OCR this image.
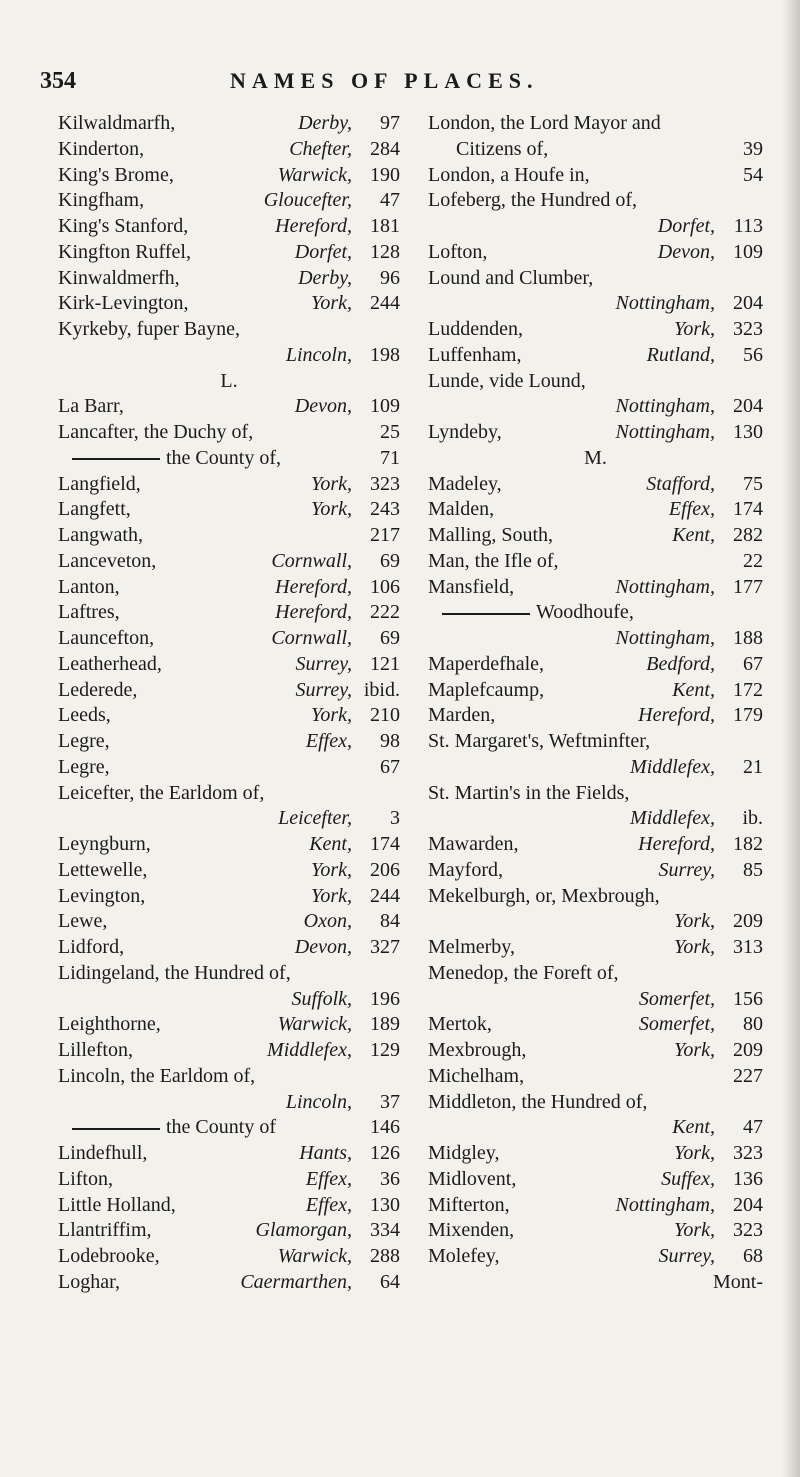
354	NAMES OF PLACES.
Kilwaldmarfh,	Derby, 97
Kinderton,	Chefter, 284
King's Brome,	Warwick, 190
Kingfham,	Gloucefter, 47
King's Stanford,	Hereford, 181
Kingfton Ruffel,	Dorfet, 128
Kinwaldmerfh,	Derby, 96
Kirk-Levington,	York, 244
Kyrkeby, fuper Bayne,
Lincoln, 198
L.
La Barr,	Devon, 109
Lancafter, the Duchy of,	25
the County of,	71
Langfield,	York, 323
Langfett,	York, 243
Langwath,	217
Lanceveton,	Cornwall, 69
Lanton,	Hereford, 106
Laftres,	Hereford, 222
Launcefton,	Cornwall, 69
Leatherhead,	Surrey, 121
Lederede,	Surrey, ibid.
Leeds,	York, 210
Legre,	Effex, 98
Legre,	67
Leicefter, the Earldom of,
Leicefter, 3
Leyngburn,	Kent, 174
Lettewelle,	York, 206
Levington,	York, 244
Lewe,	Oxon, 84
Lidford,	Devon, 327
Lidingeland, the Hundred of,
Suffolk, 196
Leighthorne,	Warwick, 189
Lillefton,	Middlefex, 129
Lincoln, the Earldom of,
Lincoln, 37
the County of	146
Lindefhull,	Hants, 126
Lifton,	Effex, 36
Little Holland,	Effex, 130
Llantriffim,	Glamorgan, 334
Lodebrooke,	Warwick, 288
Loghar,	Caermarthen, 64
London, the Lord Mayor and
Citizens of,	39
London, a Houfe in,	54
Lofeberg, the Hundred of,
Dorfet, 113
Lofton,	Devon, 109
Lound and Clumber,
Nottingham, 204
Luddenden,	York, 323
Luffenham,	Rutland, 56
Lunde, vide Lound,
Nottingham, 204
Lyndeby,	Nottingham, 130
M.
Madeley,	Stafford, 75
Malden,	Effex, 174
Malling, South,	Kent, 282
Man, the Ifle of,	22
Mansfield,	Nottingham, 177
Woodhoufe,
Nottingham, 188
Maperdefhale,	Bedford, 67
Maplefcaump,	Kent, 172
Marden,	Hereford, 179
St. Margaret's, Weftminfter,
Middlefex, 21
St. Martin's in the Fields,
Middlefex, ib.
Mawarden,	Hereford, 182
Mayford,	Surrey, 85
Mekelburgh, or, Mexbrough,
York, 209
Melmerby,	York, 313
Menedop, the Foreft of,
Somerfet, 156
Mertok,	Somerfet, 80
Mexbrough,	York, 209
Michelham,	227
Middleton, the Hundred of,
Kent, 47
Midgley,	York, 323
Midlovent,	Suffex, 136
Mifterton,	Nottingham, 204
Mixenden,	York, 323
Molefey,	Surrey, 68
Mont-
